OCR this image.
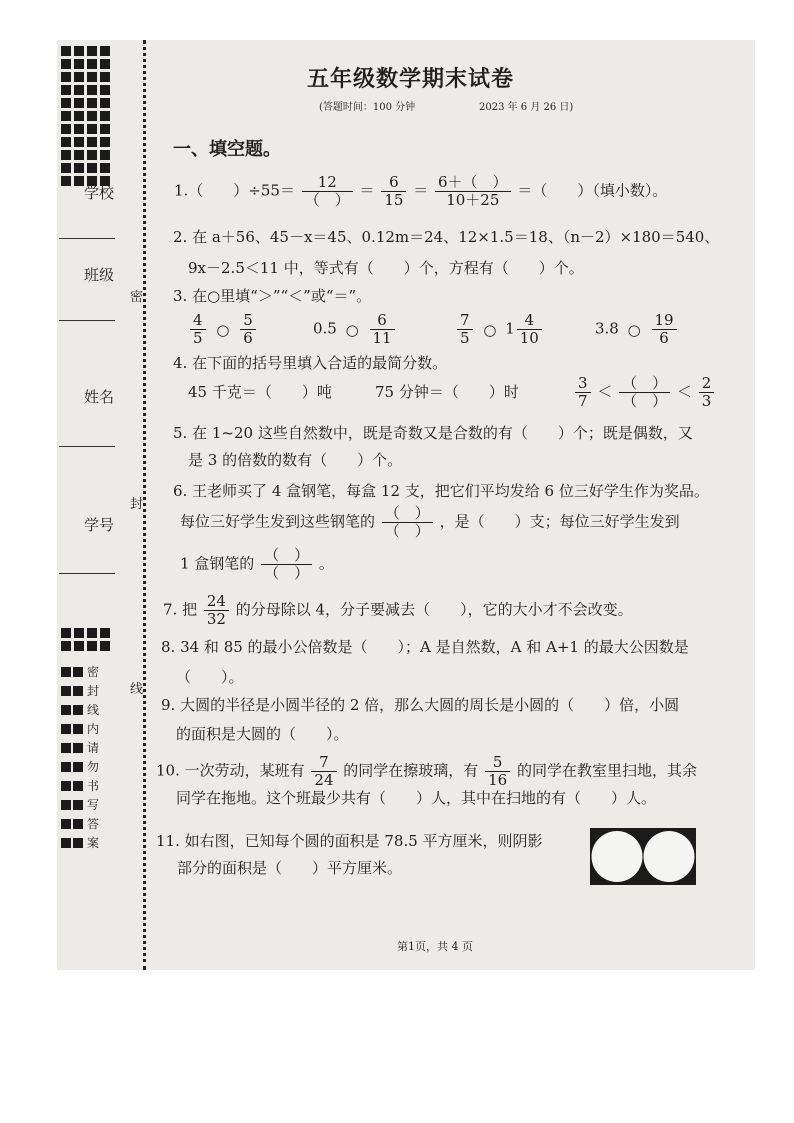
学校
班级
姓名
学号
密
封
线
内
请
勿
书
写
答
案
密
封
线
五年级数学期末试卷
(答题时间：100 分钟	2023 年 6 月 26 日)
一、填空题。
1.（　　）$\div 55= \frac{12}{( )} = \frac{6}{15} = \frac{6+( )}{10+25}$ ＝（　　）（填小数）。
2. 在 a＋56、45－x＝45、0.12m＝24、12×1.5＝18、（n－2）×180＝540、
9x－2.5＜11 中，等式有（　　）个，方程有（　　）个。
3. 在○里填“＞”“＜”或“＝”。
$\frac{4}{5}$ ○ $\frac{5}{6}$	0.5 ○ $\frac{6}{11}$	$\frac{7}{5}$ ○ $1 \frac{4}{10}$	3.8 ○ $\frac{19}{6}$
4. 在下面的括号里填入合适的最简分数。
45 千克＝（　　）吨	75 分钟＝（　　）时	$\frac{3}{7} < \frac{( )}{( )} < \frac{2}{3}$
5. 在 1~20 这些自然数中，既是奇数又是合数的有（　　）个；既是偶数，又
是 3 的倍数的数有（　　）个。
6. 王老师买了 4 盒钢笔，每盒 12 支，把它们平均发给 6 位三好学生作为奖品。
每位三好学生发到这些钢笔的 $\frac{( )}{( )}$ ，是（　　）支；每位三好学生发到
1 盒钢笔的 $\frac{( )}{( )}$ 。
7. 把 $\frac{24}{32}$ 的分母除以 4，分子要减去（　　），它的大小才不会改变。
8. 34 和 85 的最小公倍数是（　　）；A 是自然数，A 和 A+1 的最大公因数是
（　　）。
9. 大圆的半径是小圆半径的 2 倍，那么大圆的周长是小圆的（　　）倍，小圆
的面积是大圆的（　　）。
10. 一次劳动，某班有 $\frac{7}{24}$ 的同学在擦玻璃，有 $\frac{5}{16}$ 的同学在教室里扫地，其余
同学在拖地。这个班最少共有（　　）人，其中在扫地的有（　　）人。
11. 如右图，已知每个圆的面积是 78.5 平方厘米，则阴影
部分的面积是（　　）平方厘米。
第1页，共 4 页
